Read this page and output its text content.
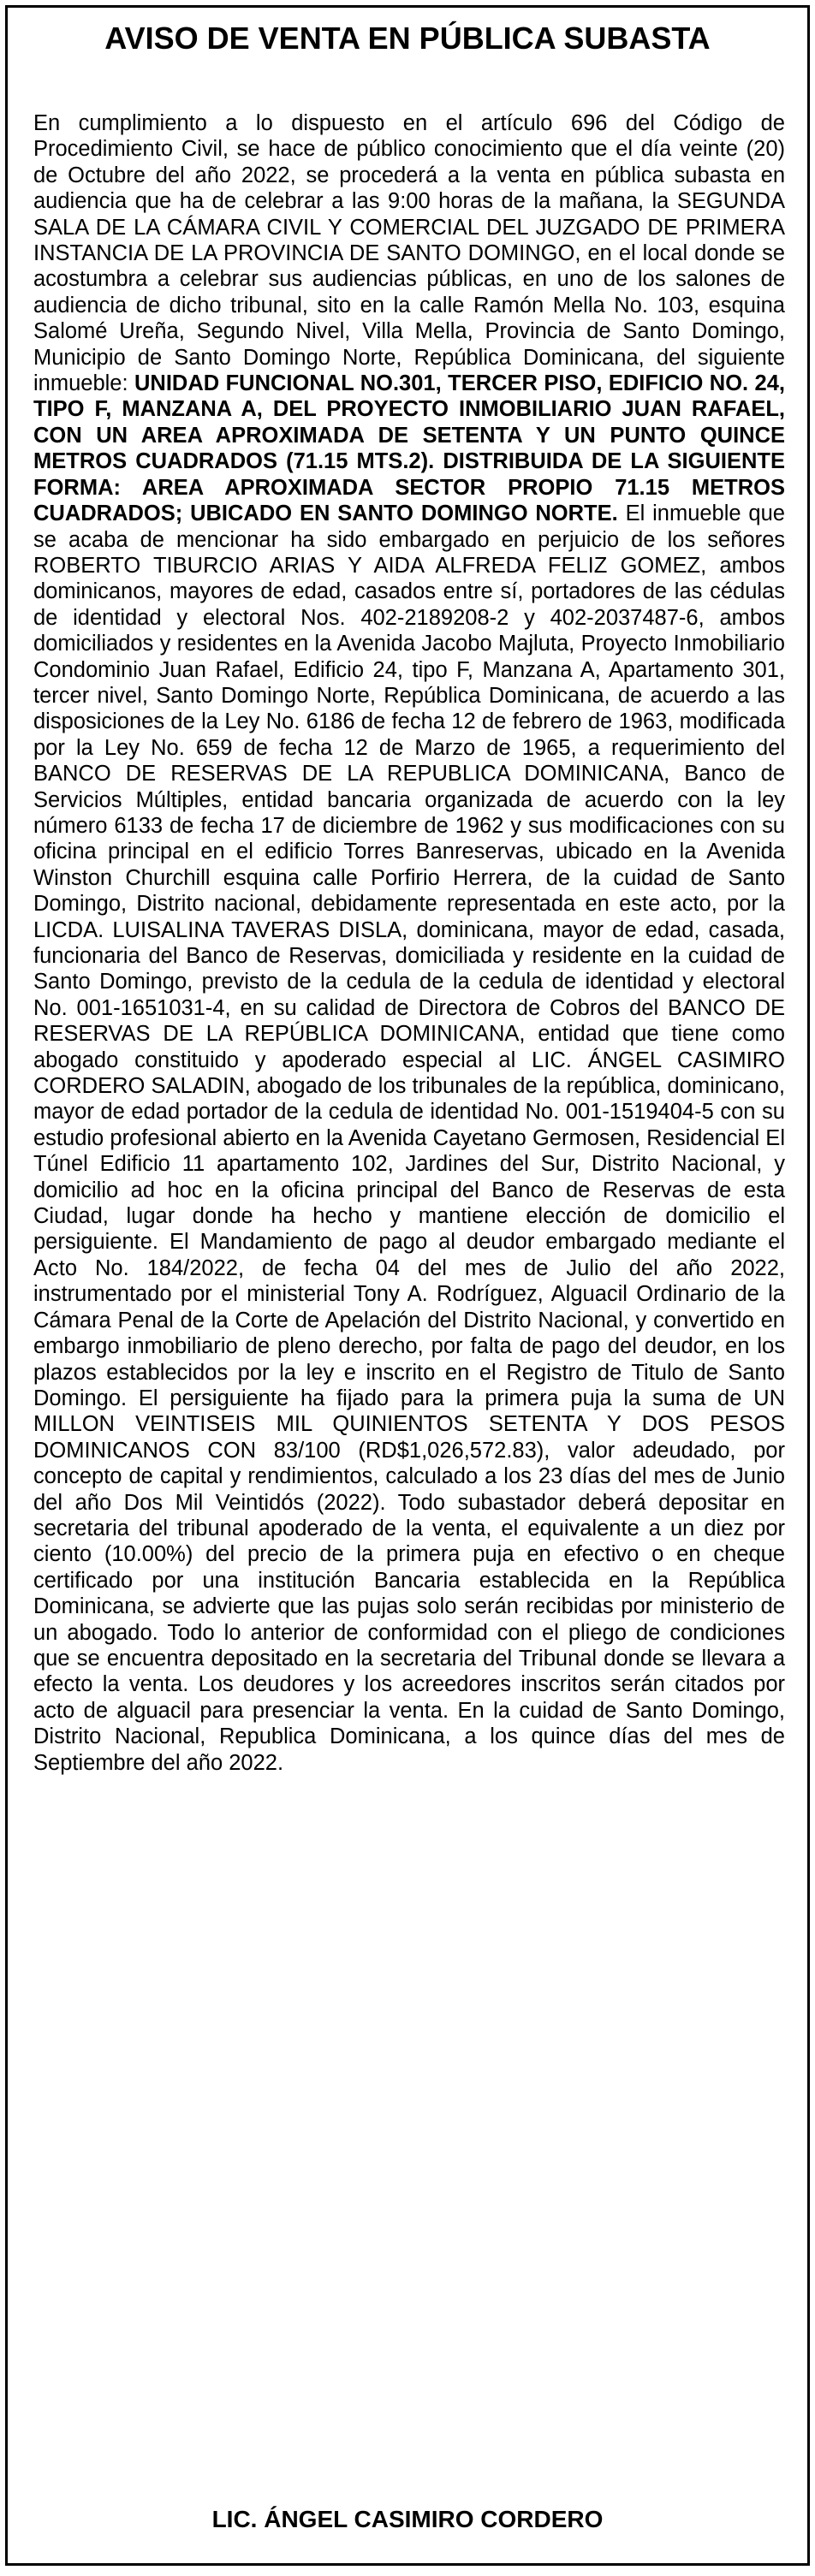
AVISO DE VENTA EN PÚBLICA SUBASTA

En cumplimiento a lo dispuesto en el artículo 696 del Código de Procedimiento Civil, se hace de público conocimiento que el día veinte (20) de Octubre del año 2022, se procederá a la venta en pública subasta en audiencia que ha de celebrar a las 9:00 horas de la mañana, la SEGUNDA SALA DE LA CÁMARA CIVIL Y COMERCIAL DEL JUZGADO DE PRIMERA INSTANCIA DE LA PROVINCIA DE SANTO DOMINGO, en el local donde se acostumbra a celebrar sus audiencias públicas, en uno de los salones de audiencia de dicho tribunal, sito en la calle Ramón Mella No. 103, esquina Salomé Ureña, Segundo Nivel, Villa Mella, Provincia de Santo Domingo, Municipio de Santo Domingo Norte, República Dominicana, del siguiente inmueble: UNIDAD FUNCIONAL NO.301, TERCER PISO, EDIFICIO NO. 24, TIPO F, MANZANA A, DEL PROYECTO INMOBILIARIO JUAN RAFAEL, CON UN AREA APROXIMADA DE SETENTA Y UN PUNTO QUINCE METROS CUADRADOS (71.15 MTS.2). DISTRIBUIDA DE LA SIGUIENTE FORMA: AREA APROXIMADA SECTOR PROPIO 71.15 METROS CUADRADOS; UBICADO EN SANTO DOMINGO NORTE. El inmueble que se acaba de mencionar ha sido embargado en perjuicio de los señores ROBERTO TIBURCIO ARIAS Y AIDA ALFREDA FELIZ GOMEZ, ambos dominicanos, mayores de edad, casados entre sí, portadores de las cédulas de identidad y electoral Nos. 402-2189208-2 y 402-2037487-6, ambos domiciliados y residentes en la Avenida Jacobo Majluta, Proyecto Inmobiliario Condominio Juan Rafael, Edificio 24, tipo F, Manzana A, Apartamento 301, tercer nivel, Santo Domingo Norte, República Dominicana, de acuerdo a las disposiciones de la Ley No. 6186 de fecha 12 de febrero de 1963, modificada por la Ley No. 659 de fecha 12 de Marzo de 1965, a requerimiento del BANCO DE RESERVAS DE LA REPUBLICA DOMINICANA, Banco de Servicios Múltiples, entidad bancaria organizada de acuerdo con la ley número 6133 de fecha 17 de diciembre de 1962 y sus modificaciones con su oficina principal en el edificio Torres Banreservas, ubicado en la Avenida Winston Churchill esquina calle Porfirio Herrera, de la cuidad de Santo Domingo, Distrito nacional, debidamente representada en este acto, por la LICDA. LUISALINA TAVERAS DISLA, dominicana, mayor de edad, casada, funcionaria del Banco de Reservas, domiciliada y residente en la cuidad de Santo Domingo, previsto de la cedula de la cedula de identidad y electoral No. 001-1651031-4, en su calidad de Directora de Cobros del BANCO DE RESERVAS DE LA REPÚBLICA DOMINICANA, entidad que tiene como abogado constituido y apoderado especial al LIC. ÁNGEL CASIMIRO CORDERO SALADIN, abogado de los tribunales de la república, dominicano, mayor de edad portador de la cedula de identidad No. 001-1519404-5 con su estudio profesional abierto en la Avenida Cayetano Germosen, Residencial El Túnel Edificio 11 apartamento 102, Jardines del Sur, Distrito Nacional, y domicilio ad hoc en la oficina principal del Banco de Reservas de esta Ciudad, lugar donde ha hecho y mantiene elección de domicilio el persiguiente. El Mandamiento de pago al deudor embargado mediante el Acto No. 184/2022, de fecha 04 del mes de Julio del año 2022, instrumentado por el ministerial Tony A. Rodríguez, Alguacil Ordinario de la Cámara Penal de la Corte de Apelación del Distrito Nacional, y convertido en embargo inmobiliario de pleno derecho, por falta de pago del deudor, en los plazos establecidos por la ley e inscrito en el Registro de Titulo de Santo Domingo. El persiguiente ha fijado para la primera puja la suma de UN MILLON VEINTISEIS MIL QUINIENTOS SETENTA Y DOS PESOS DOMINICANOS CON 83/100 (RD$1,026,572.83), valor adeudado, por concepto de capital y rendimientos, calculado a los 23 días del mes de Junio del año Dos Mil Veintidós (2022). Todo subastador deberá depositar en secretaria del tribunal apoderado de la venta, el equivalente a un diez por ciento (10.00%) del precio de la primera puja en efectivo o en cheque certificado por una institución Bancaria establecida en la República Dominicana, se advierte que las pujas solo serán recibidas por ministerio de un abogado. Todo lo anterior de conformidad con el pliego de condiciones que se encuentra depositado en la secretaria del Tribunal donde se llevara a efecto la venta. Los deudores y los acreedores inscritos serán citados por acto de alguacil para presenciar la venta. En la cuidad de Santo Domingo, Distrito Nacional, Republica Dominicana, a los quince días del mes de Septiembre del año 2022.

LIC. ÁNGEL CASIMIRO CORDERO
